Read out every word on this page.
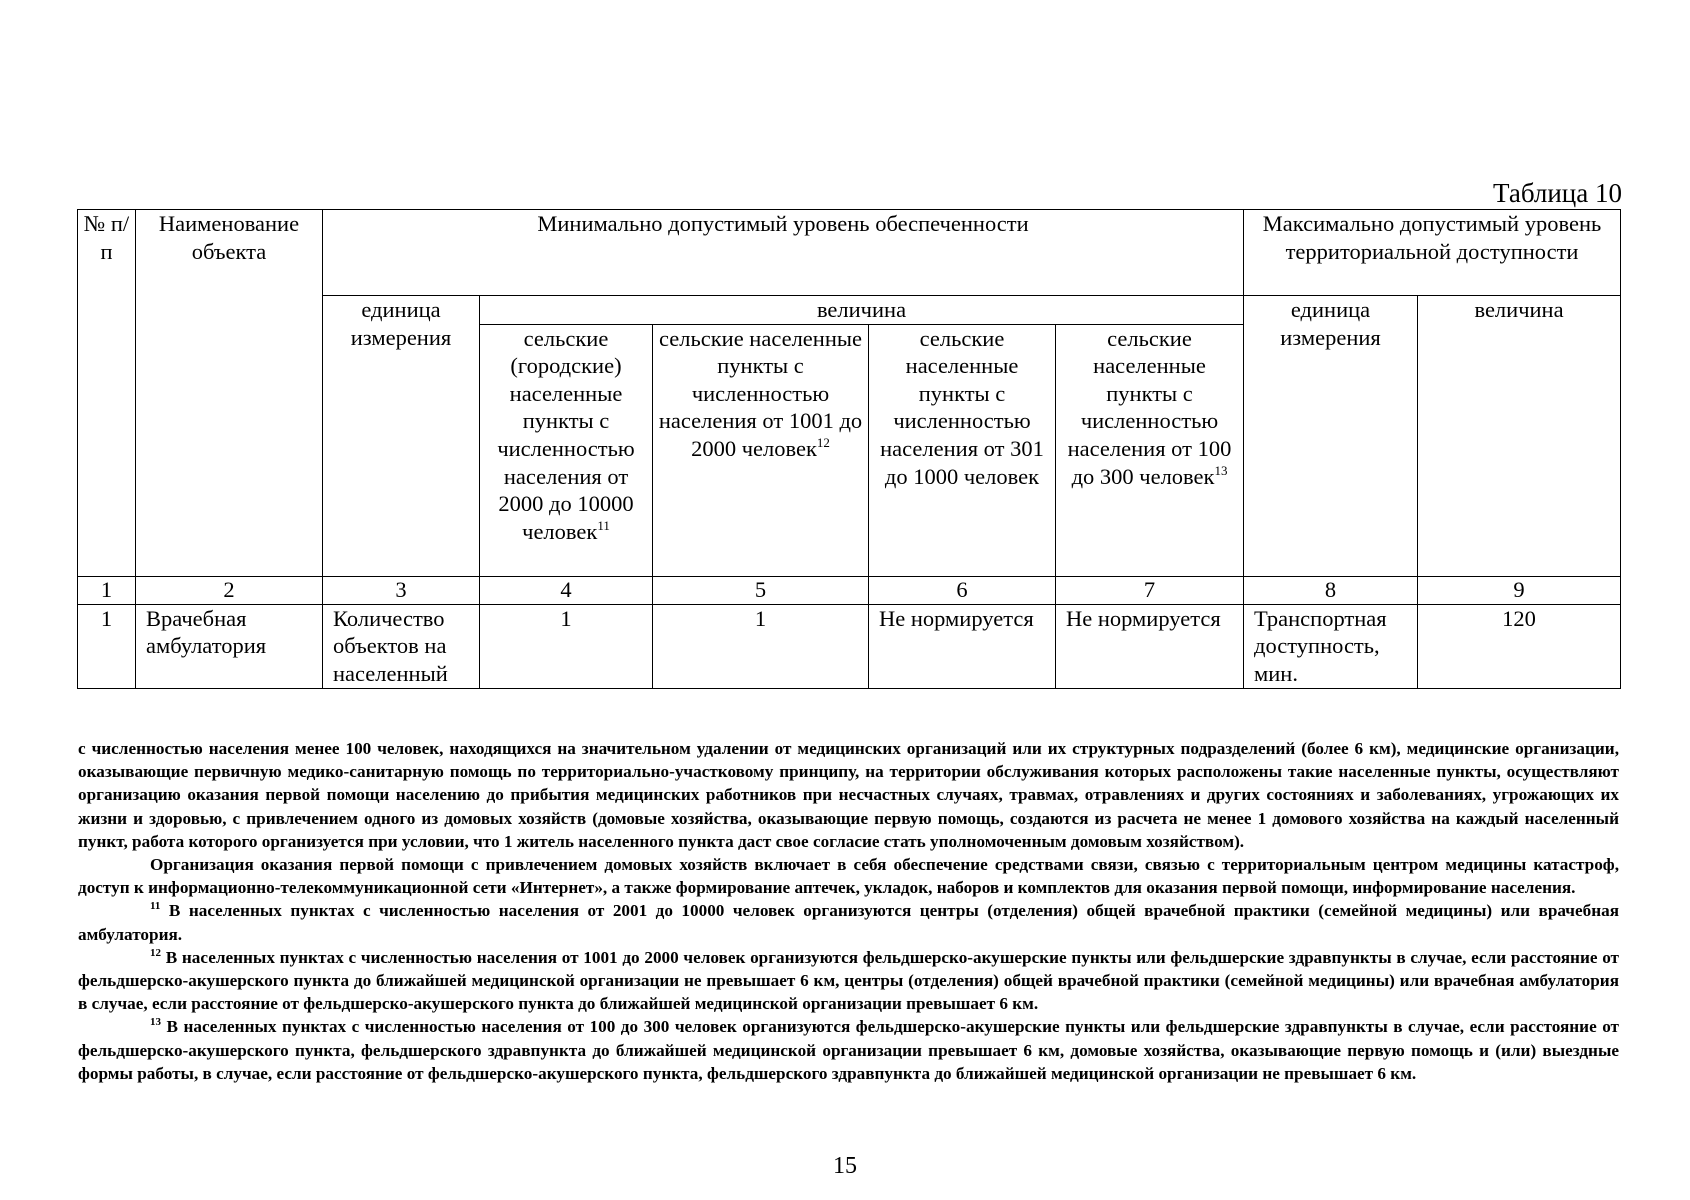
Таблица 10
№ п/п	Наименование объекта	Минимально допустимый уровень обеспеченности					Максимально допустимый уровень территориальной доступности	
		единица измерения	величина				единица измерения	величина
			сельские (городские) населенные пункты с численностью населения от 2000 до 10000 человек$^{11}$	сельские населенные пункты с численностью населения от 1001 до 2000 человек$^{12}$	сельские населенные пункты с численностью населения от 301 до 1000 человек	сельские населенные пункты с численностью населения от 100 до 300 человек$^{13}$
1	2	3	4	5	6	7	8	9
1	Врачебная амбулатория	Количество объектов на населенный	1	1	Не нормируется	Не нормируется	Транспортная доступность, мин.	120

с численностью населения менее 100 человек, находящихся на значительном удалении от медицинских организаций или их структурных подразделений (более 6 км), медицинские организации, оказывающие первичную медико-санитарную помощь по территориально-участковому принципу, на территории обслуживания которых расположены такие населенные пункты, осуществляют организацию оказания первой помощи населению до прибытия медицинских работников при несчастных случаях, травмах, отравлениях и других состояниях и заболеваниях, угрожающих их жизни и здоровью, с привлечением одного из домовых хозяйств (домовые хозяйства, оказывающие первую помощь, создаются из расчета не менее 1 домового хозяйства на каждый населенный пункт, работа которого организуется при условии, что 1 житель населенного пункта даст свое согласие стать уполномоченным домовым хозяйством).

Организация оказания первой помощи с привлечением домовых хозяйств включает в себя обеспечение средствами связи, связью с территориальным центром медицины катастроф, доступ к информационно-телекоммуникационной сети «Интернет», а также формирование аптечек, укладок, наборов и комплектов для оказания первой помощи, информирование населения.

$^{11}$ В населенных пунктах с численностью населения от 2001 до 10000 человек организуются центры (отделения) общей врачебной практики (семейной медицины) или врачебная амбулатория.

$^{12}$ В населенных пунктах с численностью населения от 1001 до 2000 человек организуются фельдшерско-акушерские пункты или фельдшерские здравпункты в случае, если расстояние от фельдшерско-акушерского пункта до ближайшей медицинской организации не превышает 6 км, центры (отделения) общей врачебной практики (семейной медицины) или врачебная амбулатория в случае, если расстояние от фельдшерско-акушерского пункта до ближайшей медицинской организации превышает 6 км.

$^{13}$ В населенных пунктах с численностью населения от 100 до 300 человек организуются фельдшерско-акушерские пункты или фельдшерские здравпункты в случае, если расстояние от фельдшерско-акушерского пункта, фельдшерского здравпункта до ближайшей медицинской организации превышает 6 км, домовые хозяйства, оказывающие первую помощь и (или) выездные формы работы, в случае, если расстояние от фельдшерско-акушерского пункта, фельдшерского здравпункта до ближайшей медицинской организации не превышает 6 км.

15
